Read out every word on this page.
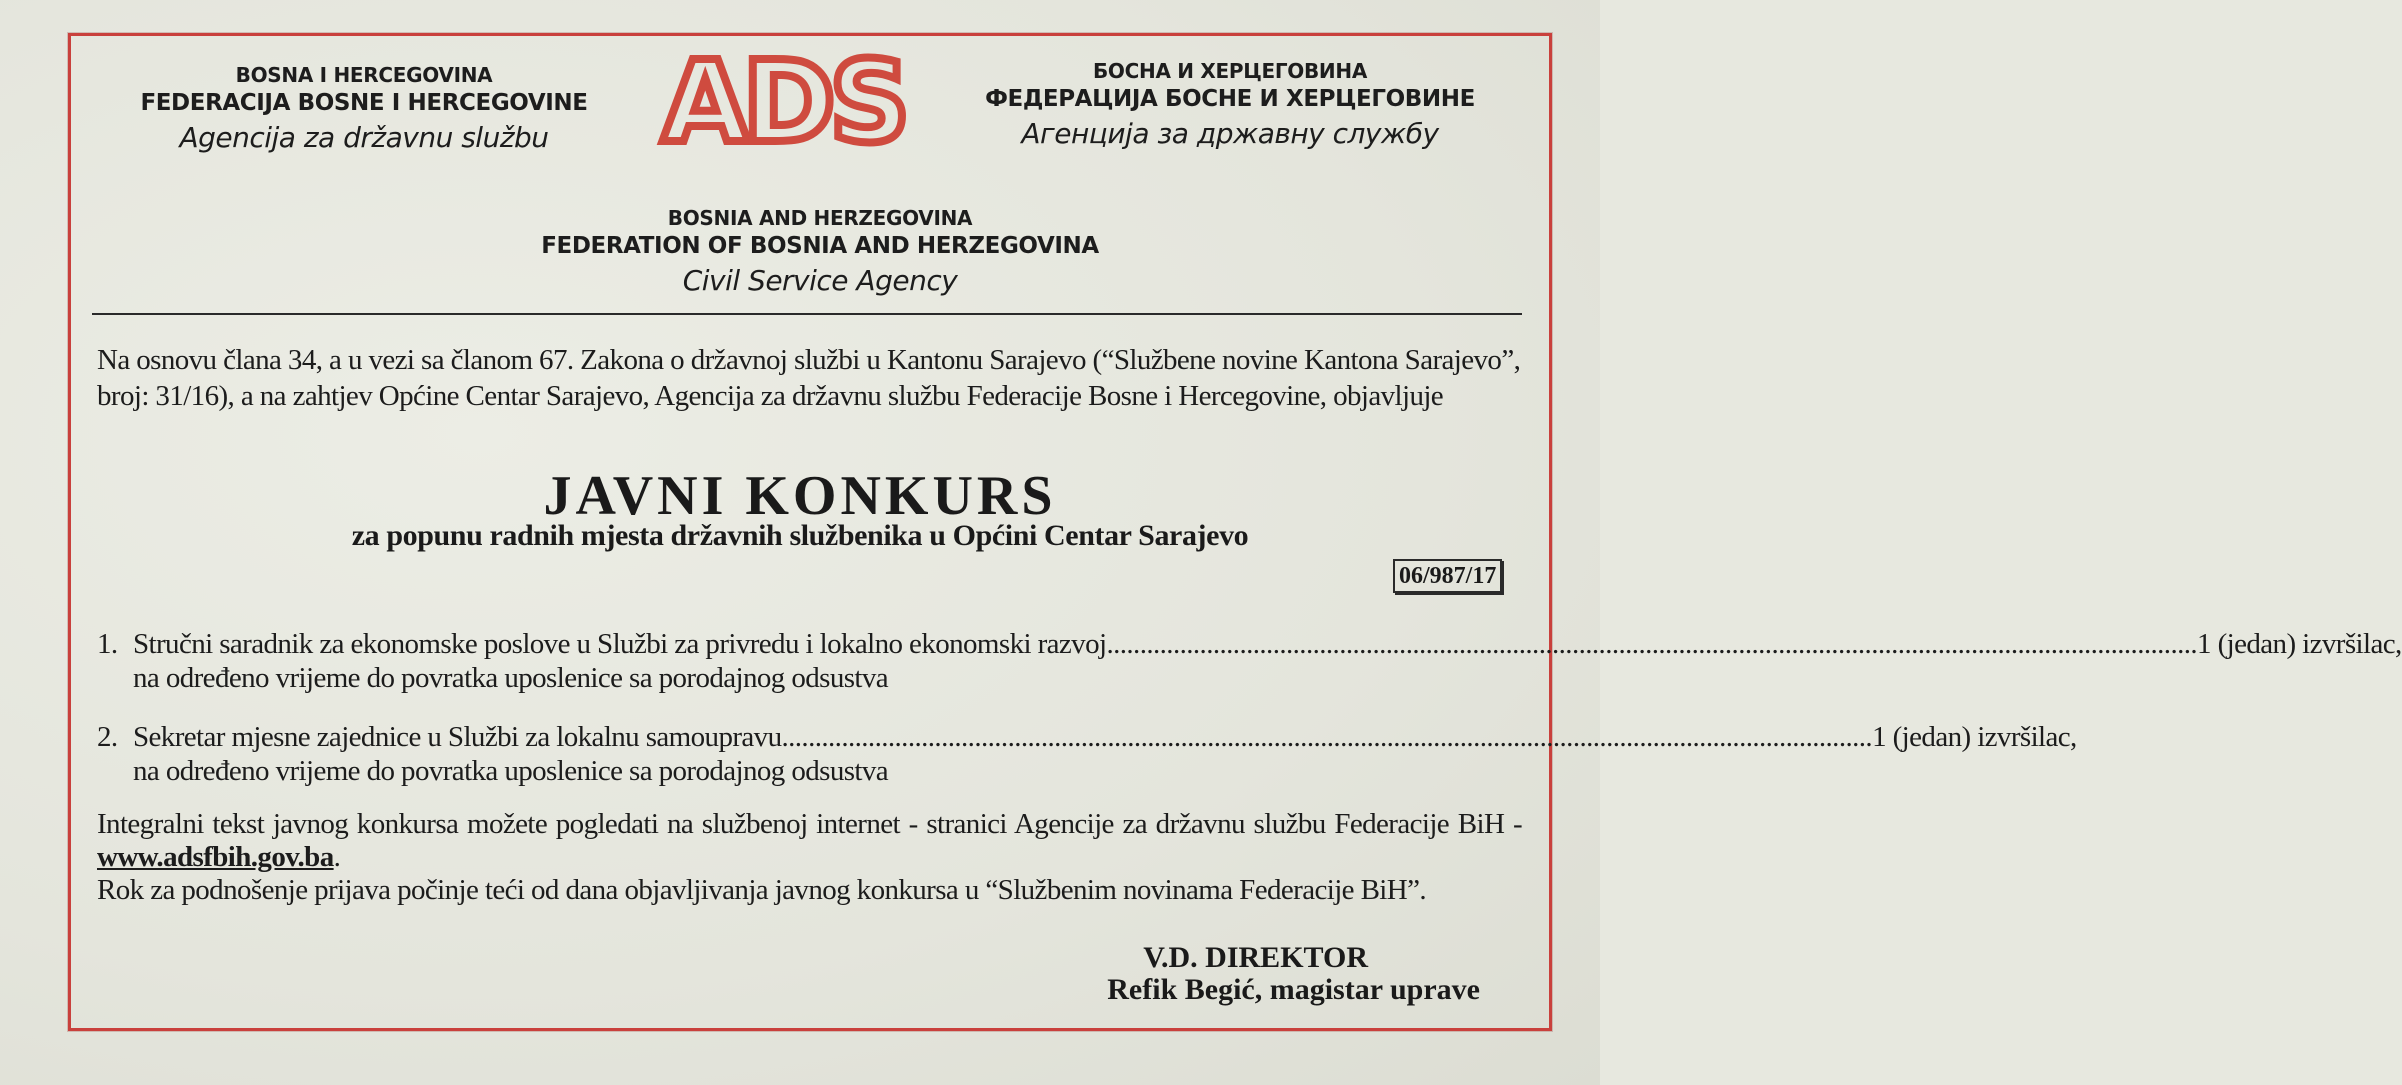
BOSNA I HERCEGOVINA
FEDERACIJA BOSNE I HERCEGOVINE
Agencija za državnu službu	ADS	БОСНА И ХЕРЦЕГОВИНА
ФЕДЕРАЦИЈА БОСНЕ И ХЕРЦЕГОВИНЕ
Агенција за државну службу
BOSNIA AND HERZEGOVINA
FEDERATION OF BOSNIA AND HERZEGOVINA
Civil Service Agency
Na osnovu člana 34, a u vezi sa članom 67. Zakona o državnoj službi u Kantonu Sarajevo (“Službene novine Kantona Sarajevo”, broj: 31/16), a na zahtjev Općine Centar Sarajevo, Agencija za državnu službu Federacije Bosne i Hercegovine, objavljuje
JAVNI KONKURS
za popunu radnih mjesta državnih službenika u Općini Centar Sarajevo
06/987/17
1. Stručni saradnik za ekonomske poslove u Službi za privredu i lokalno ekonomski razvoj .................................................................................................................................................................... 1 (jedan) izvršilac,
na određeno vrijeme do povratka uposlenice sa porodajnog odsustva
2. Sekretar mjesne zajednice u Službi za lokalnu samoupravu .................................................................................................................................................................... 1 (jedan) izvršilac,
na određeno vrijeme do povratka uposlenice sa porodajnog odsustva
Integralni tekst javnog konkursa možete pogledati na službenoj internet - stranici Agencije za državnu službu Federacije BiH - www.adsfbih.gov.ba.
Rok za podnošenje prijava počinje teći od dana objavljivanja javnog konkursa u “Službenim novinama Federacije BiH”.
V.D. DIREKTOR
Refik Begić, magistar uprave
